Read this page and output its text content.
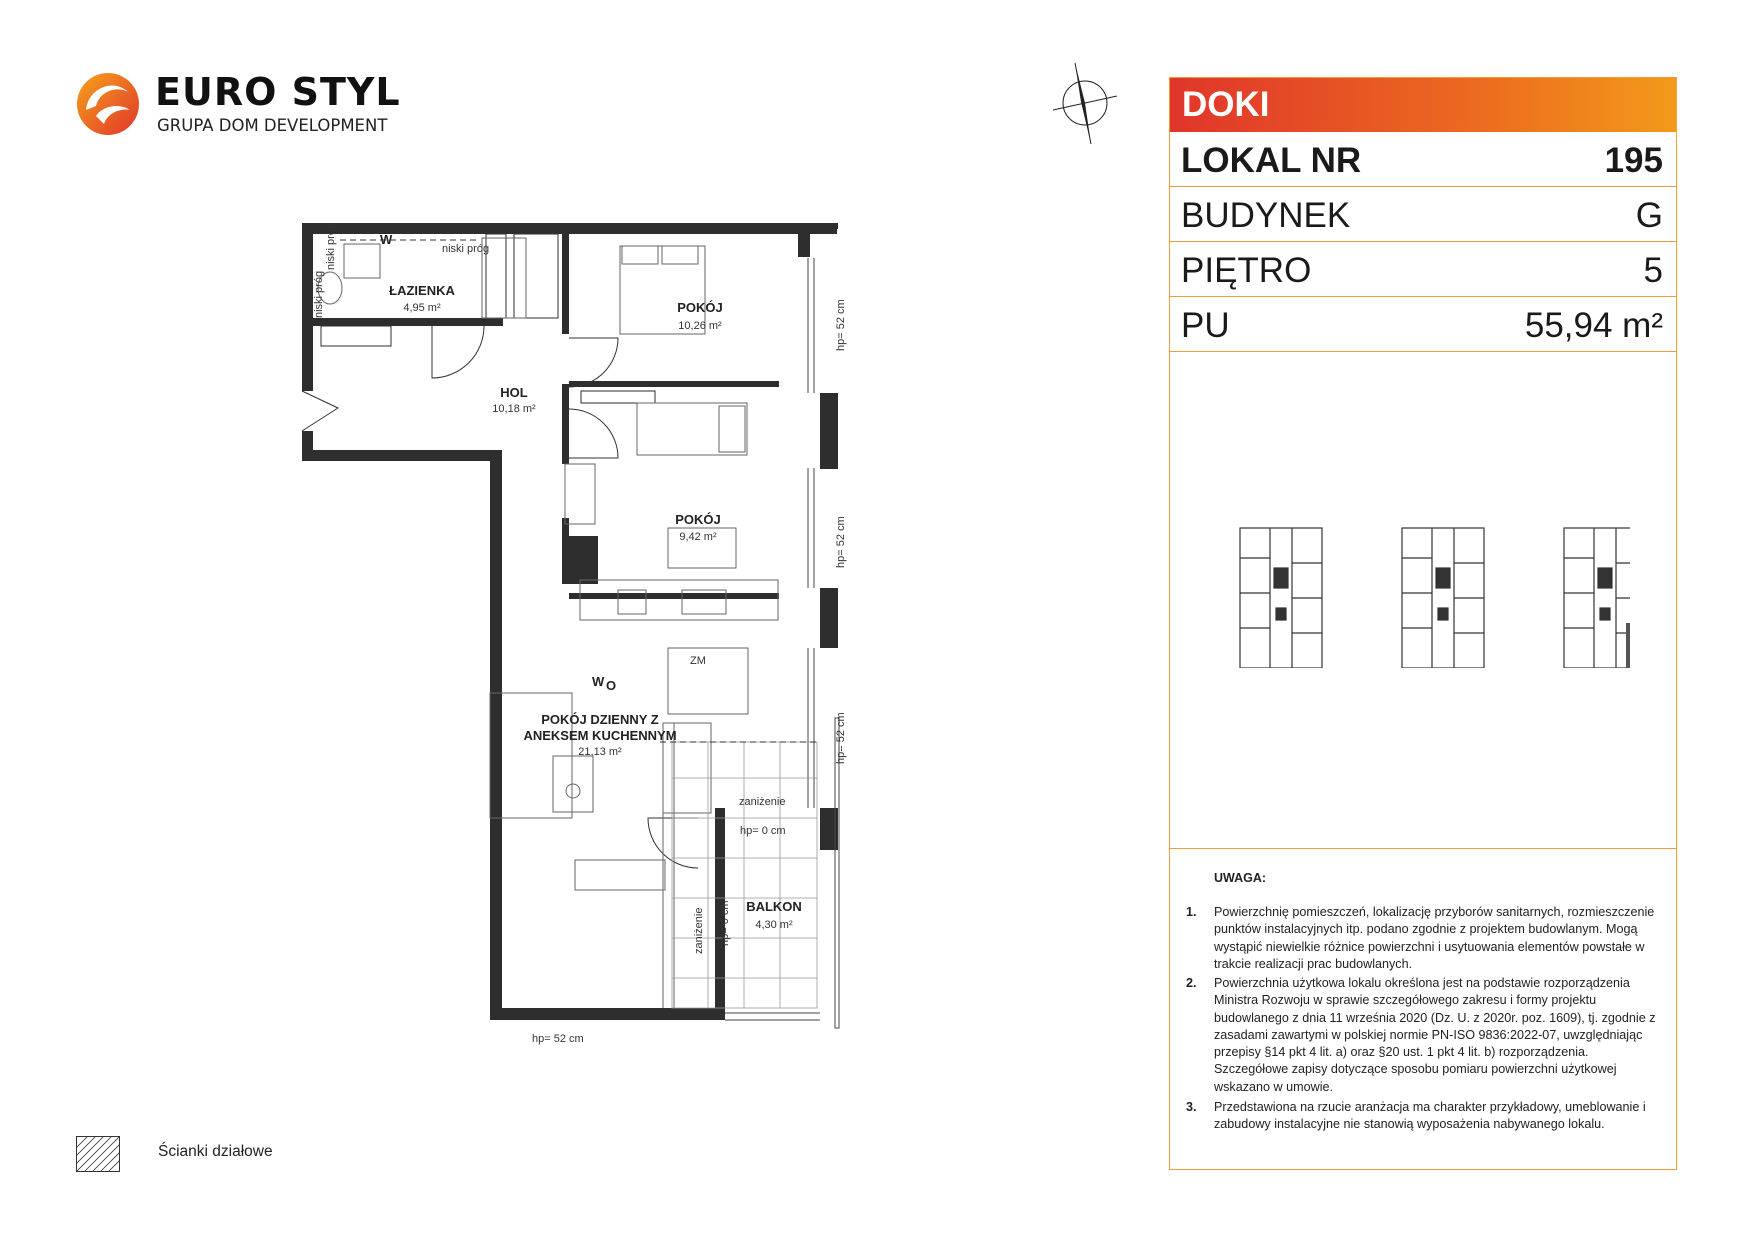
EURO STYL
GRUPA DOM DEVELOPMENT
ŁAZIENKA
4,95 m²	POKÓJ
10,26 m²
HOL
10,18 m²
POKÓJ
9,42 m²
POKÓJ DZIENNY Z
ANEKSEM KUCHENNYM
21,13 m²
BALKON
4,30 m²
niski próg
niski próg
niski próg
hp= 52 cm
hp= 52 cm
hp= 52 cm
hp= 52 cm
hp= 0 cm
hp= 0 cm
zaniżenie
zaniżenie
ZM
W O
W
DOKI
LOKAL NR	195
BUDYNEK	G
PIĘTRO	5
PU	55,94 m²
UWAGA:
1. Powierzchnię pomieszczeń, lokalizację przyborów sanitarnych, rozmieszczenie punktów instalacyjnych itp. podano zgodnie z projektem budowlanym. Mogą wystąpić niewielkie różnice powierzchni i usytuowania elementów powstałe w trakcie realizacji prac budowlanych.
2. Powierzchnia użytkowa lokalu określona jest na podstawie rozporządzenia Ministra Rozwoju w sprawie szczegółowego zakresu i formy projektu budowlanego z dnia 11 września 2020 (Dz. U. z 2020r. poz. 1609), tj. zgodnie z zasadami zawartymi w polskiej normie PN-ISO 9836:2022-07, uwzględniając przepisy §14 pkt 4 lit. a) oraz §20 ust. 1 pkt 4 lit. b) rozporządzenia. Szczegółowe zapisy dotyczące sposobu pomiaru powierzchni użytkowej wskazano w umowie.
3. Przedstawiona na rzucie aranżacja ma charakter przykładowy, umeblowanie i zabudowy instalacyjne nie stanowią wyposażenia nabywanego lokalu.
Ścianki działowe
